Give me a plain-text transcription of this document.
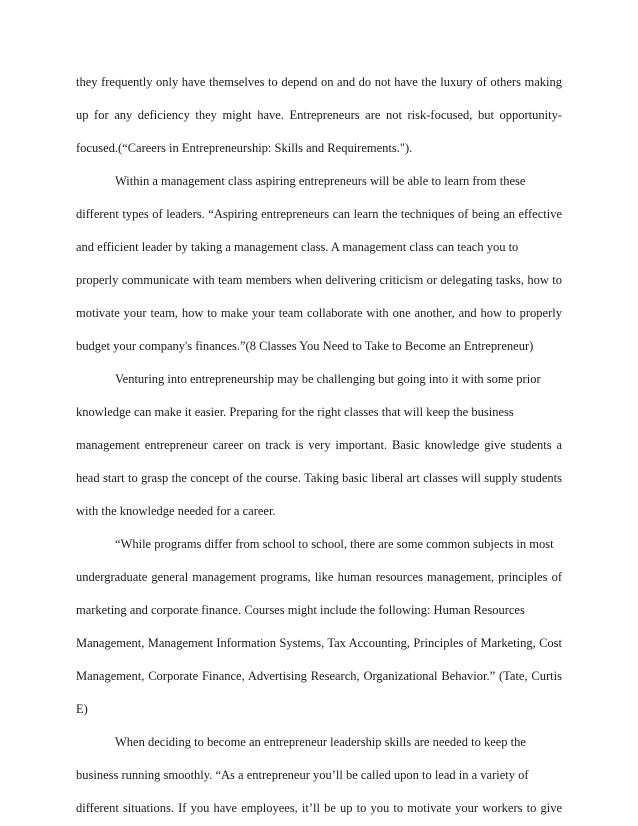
they frequently only have themselves to depend on and do not have the luxury of others making
up for any deficiency they might have. Entrepreneurs are not risk-focused, but opportunity-
focused.(“Careers in Entrepreneurship: Skills and Requirements.").
Within a management class aspiring entrepreneurs will be able to learn from these
different types of leaders. “Aspiring entrepreneurs can learn the techniques of being an effective
and efficient leader by taking a management class. A management class can teach you to
properly communicate with team members when delivering criticism or delegating tasks, how to
motivate your team, how to make your team collaborate with one another, and how to properly
budget your company's finances.”(8 Classes You Need to Take to Become an Entrepreneur)
Venturing into entrepreneurship may be challenging but going into it with some prior
knowledge can make it easier. Preparing for the right classes that will keep the business
management entrepreneur career on track is very important. Basic knowledge give students a
head start to grasp the concept of the course. Taking basic liberal art classes will supply students
with the knowledge needed for a career.
“While programs differ from school to school, there are some common subjects in most
undergraduate general management programs, like human resources management, principles of
marketing and corporate finance. Courses might include the following: Human Resources
Management, Management Information Systems, Tax Accounting, Principles of Marketing, Cost
Management, Corporate Finance, Advertising Research, Organizational Behavior.” (Tate, Curtis
E)
When deciding to become an entrepreneur leadership skills are needed to keep the
business running smoothly. “As a entrepreneur you’ll be called upon to lead in a variety of
different situations. If you have employees, it’ll be up to you to motivate your workers to give
